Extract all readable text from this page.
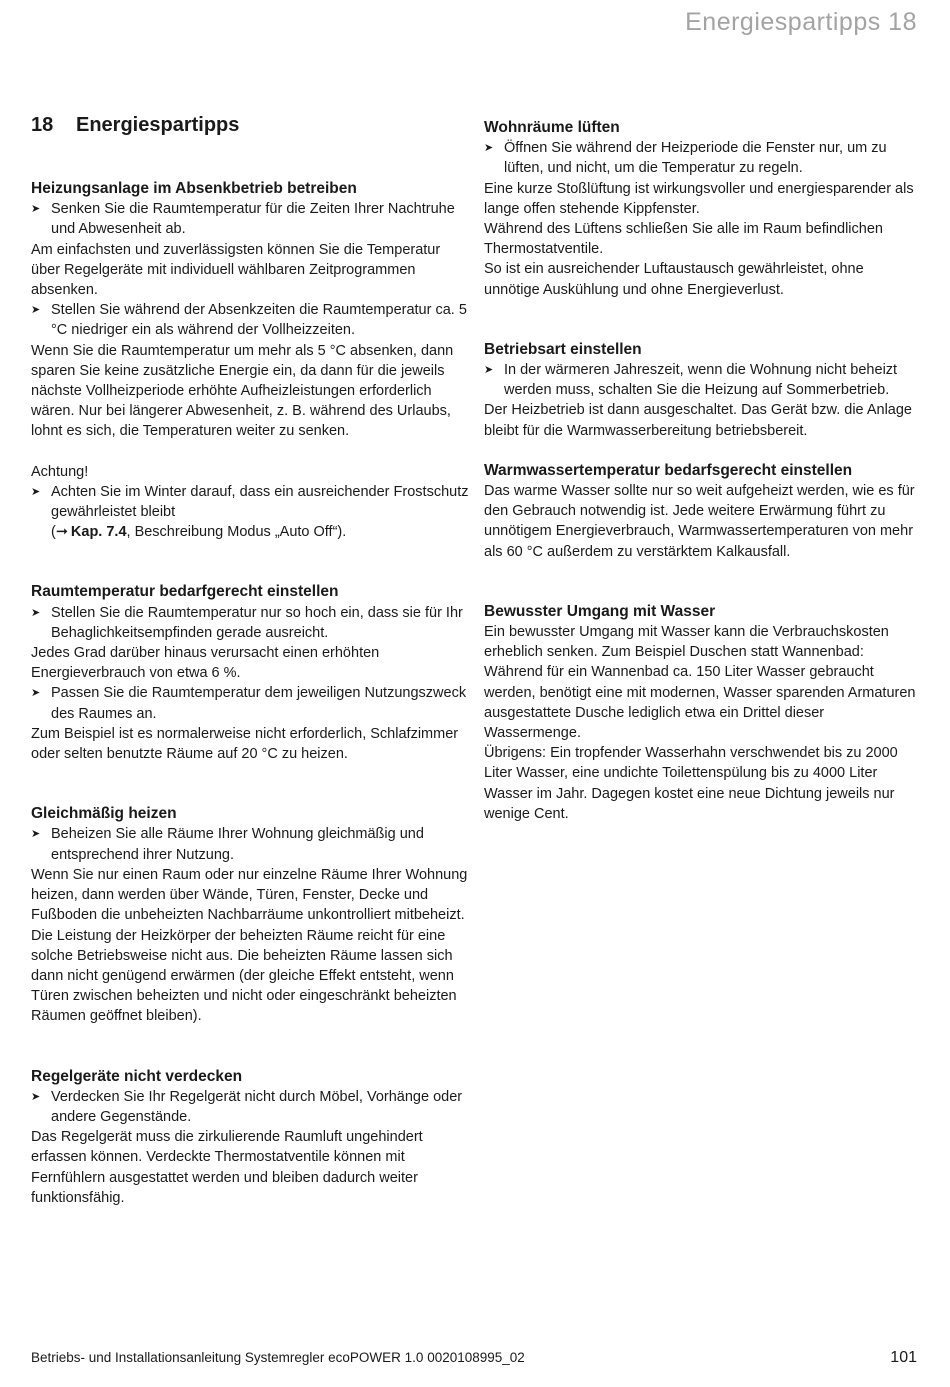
Energiespartipps 18
18 Energiespartipps
Heizungsanlage im Absenkbetrieb betreiben

➤ Senken Sie die Raumtemperatur für die Zeiten Ihrer Nachtruhe und Abwesenheit ab.

Am einfachsten und zuverlässigsten können Sie die Temperatur über Regelgeräte mit individuell wählbaren Zeitprogrammen absenken.

➤ Stellen Sie während der Absenkzeiten die Raumtemperatur ca. 5 °C niedriger ein als während der Vollheizzeiten.

Wenn Sie die Raumtemperatur um mehr als 5 °C absenken, dann sparen Sie keine zusätzliche Energie ein, da dann für die jeweils nächste Vollheizperiode erhöhte Aufheizleistungen erforderlich wären. Nur bei längerer Abwesenheit, z. B. während des Urlaubs, lohnt es sich, die Temperaturen weiter zu senken.

Achtung!

➤ Achten Sie im Winter darauf, dass ein ausreichender Frostschutz gewährleistet bleibt
(➞  Kap. 7.4, Beschreibung Modus „Auto Off“).
Raumtemperatur bedarfgerecht einstellen

➤ Stellen Sie die Raumtemperatur nur so hoch ein, dass sie für Ihr Behaglichkeitsempfinden gerade ausreicht.

Jedes Grad darüber hinaus verursacht einen erhöhten Energieverbrauch von etwa 6 %.

➤ Passen Sie die Raumtemperatur dem jeweiligen Nutzungszweck des Raumes an.

Zum Beispiel ist es normalerweise nicht erforderlich, Schlafzimmer oder selten benutzte Räume auf 20 °C zu heizen.

Gleichmäßig heizen

➤ Beheizen Sie alle Räume Ihrer Wohnung gleichmäßig und entsprechend ihrer Nutzung.

Wenn Sie nur einen Raum oder nur einzelne Räume Ihrer Wohnung heizen, dann werden über Wände, Türen, Fenster, Decke und Fußboden die unbeheizten Nachbarräume unkontrolliert mitbeheizt. Die Leistung der Heizkörper der beheizten Räume reicht für eine solche Betriebsweise nicht aus. Die beheizten Räume lassen sich dann nicht genügend erwärmen (der gleiche Effekt entsteht, wenn Türen zwischen beheizten und nicht oder eingeschränkt beheizten Räumen geöffnet bleiben).

Regelgeräte nicht verdecken

➤ Verdecken Sie Ihr Regelgerät nicht durch Möbel, Vorhänge oder andere Gegenstände.

Das Regelgerät muss die zirkulierende Raumluft ungehindert erfassen können. Verdeckte Thermostatventile können mit Fernfühlern ausgestattet werden und bleiben dadurch weiter funktionsfähig.

Wohnräume lüften

➤ Öffnen Sie während der Heizperiode die Fenster nur, um zu lüften, und nicht, um die Temperatur zu regeln.

Eine kurze Stoßlüftung ist wirkungsvoller und energiesparender als lange offen stehende Kippfenster.

Während des Lüftens schließen Sie alle im Raum befindlichen Thermostatventile.

So ist ein ausreichender Luftaustausch gewährleistet, ohne unnötige Auskühlung und ohne Energieverlust.

Betriebsart einstellen

➤ In der wärmeren Jahreszeit, wenn die Wohnung nicht beheizt werden muss, schalten Sie die Heizung auf Sommerbetrieb.

Der Heizbetrieb ist dann ausgeschaltet. Das Gerät bzw. die Anlage bleibt für die Warmwasserbereitung betriebsbereit.

Warmwassertemperatur bedarfsgerecht einstellen

Das warme Wasser sollte nur so weit aufgeheizt werden, wie es für den Gebrauch notwendig ist. Jede weitere Erwärmung führt zu unnötigem Energieverbrauch, Warmwassertemperaturen von mehr als 60 °C außerdem zu verstärktem Kalkausfall.

Bewusster Umgang mit Wasser

Ein bewusster Umgang mit Wasser kann die Verbrauchskosten erheblich senken. Zum Beispiel Duschen statt Wannenbad: Während für ein Wannenbad ca. 150 Liter Wasser gebraucht werden, benötigt eine mit modernen, Wasser sparenden Armaturen ausgestattete Dusche lediglich etwa ein Drittel dieser Wassermenge.

Übrigens: Ein tropfender Wasserhahn verschwendet bis zu 2000 Liter Wasser, eine undichte Toilettenspülung bis zu 4000 Liter Wasser im Jahr. Dagegen kostet eine neue Dichtung jeweils nur wenige Cent.

Betriebs- und Installationsanleitung Systemregler ecoPOWER 1.0 0020108995_02	101
